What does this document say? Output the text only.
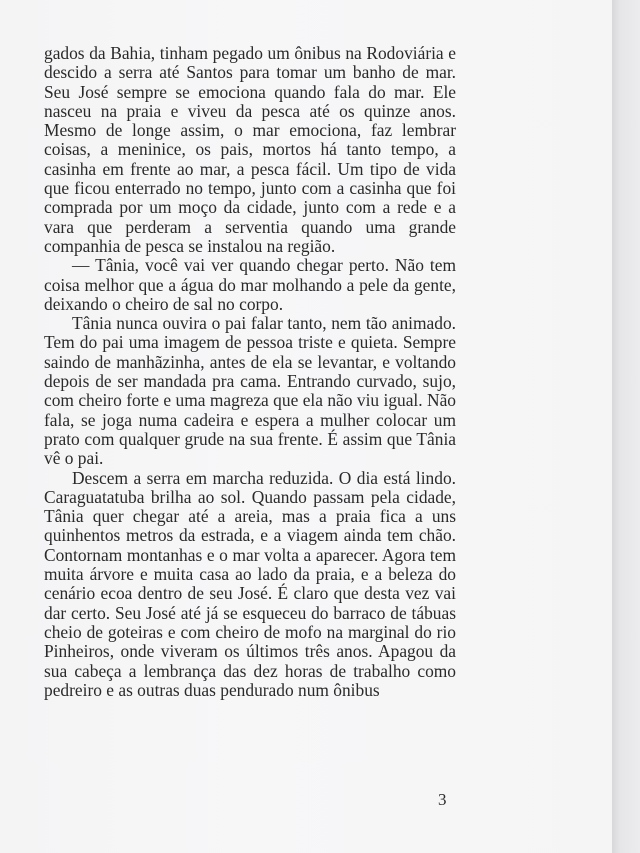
gados da Bahia, tinham pegado um ônibus na Rodoviária e descido a serra até Santos para tomar um banho de mar. Seu José sempre se emociona quando fala do mar. Ele nasceu na praia e viveu da pesca até os quinze anos. Mesmo de longe assim, o mar emociona, faz lembrar coisas, a meninice, os pais, mortos há tanto tempo, a casinha em frente ao mar, a pesca fácil. Um tipo de vida que ficou enterrado no tempo, junto com a casinha que foi comprada por um moço da cidade, junto com a rede e a vara que perderam a serventia quando uma grande companhia de pesca se instalou na região.

— Tânia, você vai ver quando chegar perto. Não tem coisa melhor que a água do mar molhando a pele da gente, deixando o cheiro de sal no corpo.

Tânia nunca ouvira o pai falar tanto, nem tão animado. Tem do pai uma imagem de pessoa triste e quieta. Sempre saindo de manhãzinha, antes de ela se levantar, e voltando depois de ser mandada pra cama. Entrando curvado, sujo, com cheiro forte e uma magreza que ela não viu igual. Não fala, se joga numa cadeira e espera a mulher colocar um prato com qualquer grude na sua frente. É assim que Tânia vê o pai.

Descem a serra em marcha reduzida. O dia está lindo. Caraguatatuba brilha ao sol. Quando passam pela cidade, Tânia quer chegar até a areia, mas a praia fica a uns quinhentos metros da estrada, e a viagem ainda tem chão. Contornam montanhas e o mar volta a aparecer. Agora tem muita árvore e muita casa ao lado da praia, e a beleza do cenário ecoa dentro de seu José. É claro que desta vez vai dar certo. Seu José até já se esqueceu do barraco de tábuas cheio de goteiras e com cheiro de mofo na marginal do rio Pinheiros, onde viveram os últimos três anos. Apagou da sua cabeça a lembrança das dez horas de trabalho como pedreiro e as outras duas pendurado num ônibus

3
